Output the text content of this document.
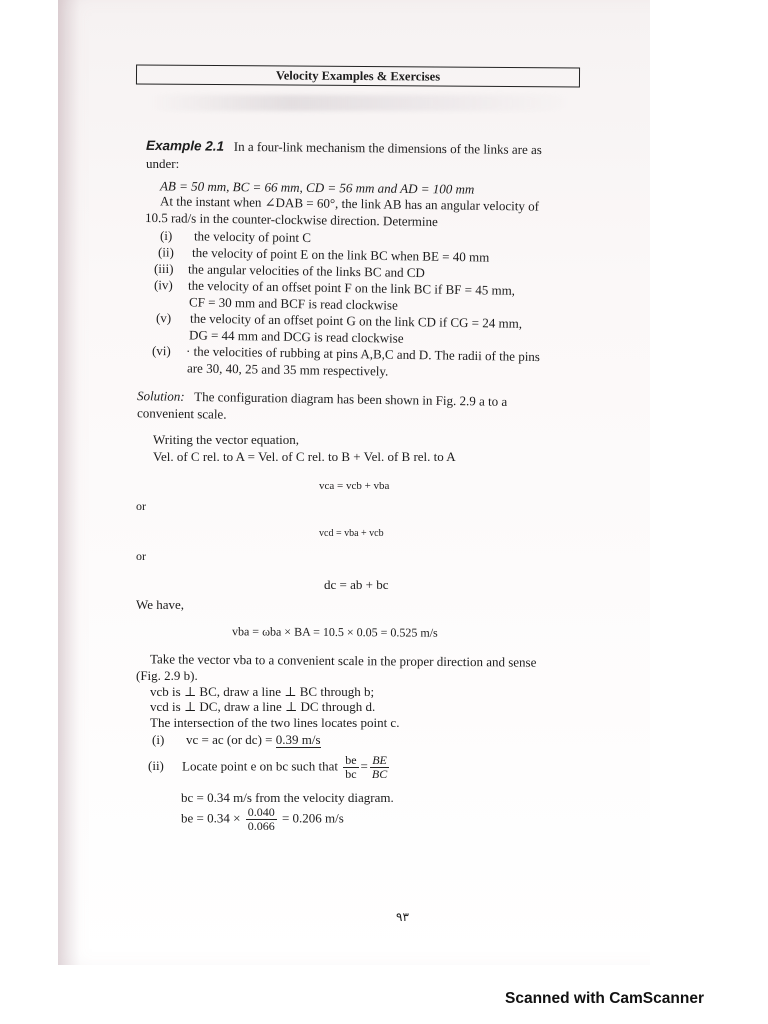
Velocity Examples & Exercises
Example 2.1 In a four-link mechanism the dimensions of the links are as
under:
AB = 50 mm, BC = 66 mm, CD = 56 mm and AD = 100 mm
At the instant when ∠DAB = 60°, the link AB has an angular velocity of
10.5 rad/s in the counter-clockwise direction. Determine
(i) the velocity of point C
(ii) the velocity of point E on the link BC when BE = 40 mm
(iii) the angular velocities of the links BC and CD
(iv) the velocity of an offset point F on the link BC if BF = 45 mm,
CF = 30 mm and BCF is read clockwise
(v) the velocity of an offset point G on the link CD if CG = 24 mm,
DG = 44 mm and DCG is read clockwise
(vi) · the velocities of rubbing at pins A,B,C and D. The radii of the pins
are 30, 40, 25 and 35 mm respectively.
Solution: The configuration diagram has been shown in Fig. 2.9 a to a
convenient scale.
Writing the vector equation,
Vel. of C rel. to A = Vel. of C rel. to B + Vel. of B rel. to A
vca = vcb + vba
or
vcd = vba + vcb
or
dc = ab + bc
We have,
vba = ωba × BA = 10.5 × 0.05 = 0.525 m/s
Take the vector vba to a convenient scale in the proper direction and sense
(Fig. 2.9 b).
vcb is ⊥ BC, draw a line ⊥ BC through b;
vcd is ⊥ DC, draw a line ⊥ DC through d.
The intersection of the two lines locates point c.
(i) vc = ac (or dc) = 0.39 m/s
(ii) Locate point e on bc such that $\frac{be}{bc} = \frac{BE}{BC}$
bc = 0.34 m/s from the velocity diagram.
be = $0.34 \times \frac{0.040}{0.066} = 0.206$ m/s
٩٣
Scanned with CamScanner
